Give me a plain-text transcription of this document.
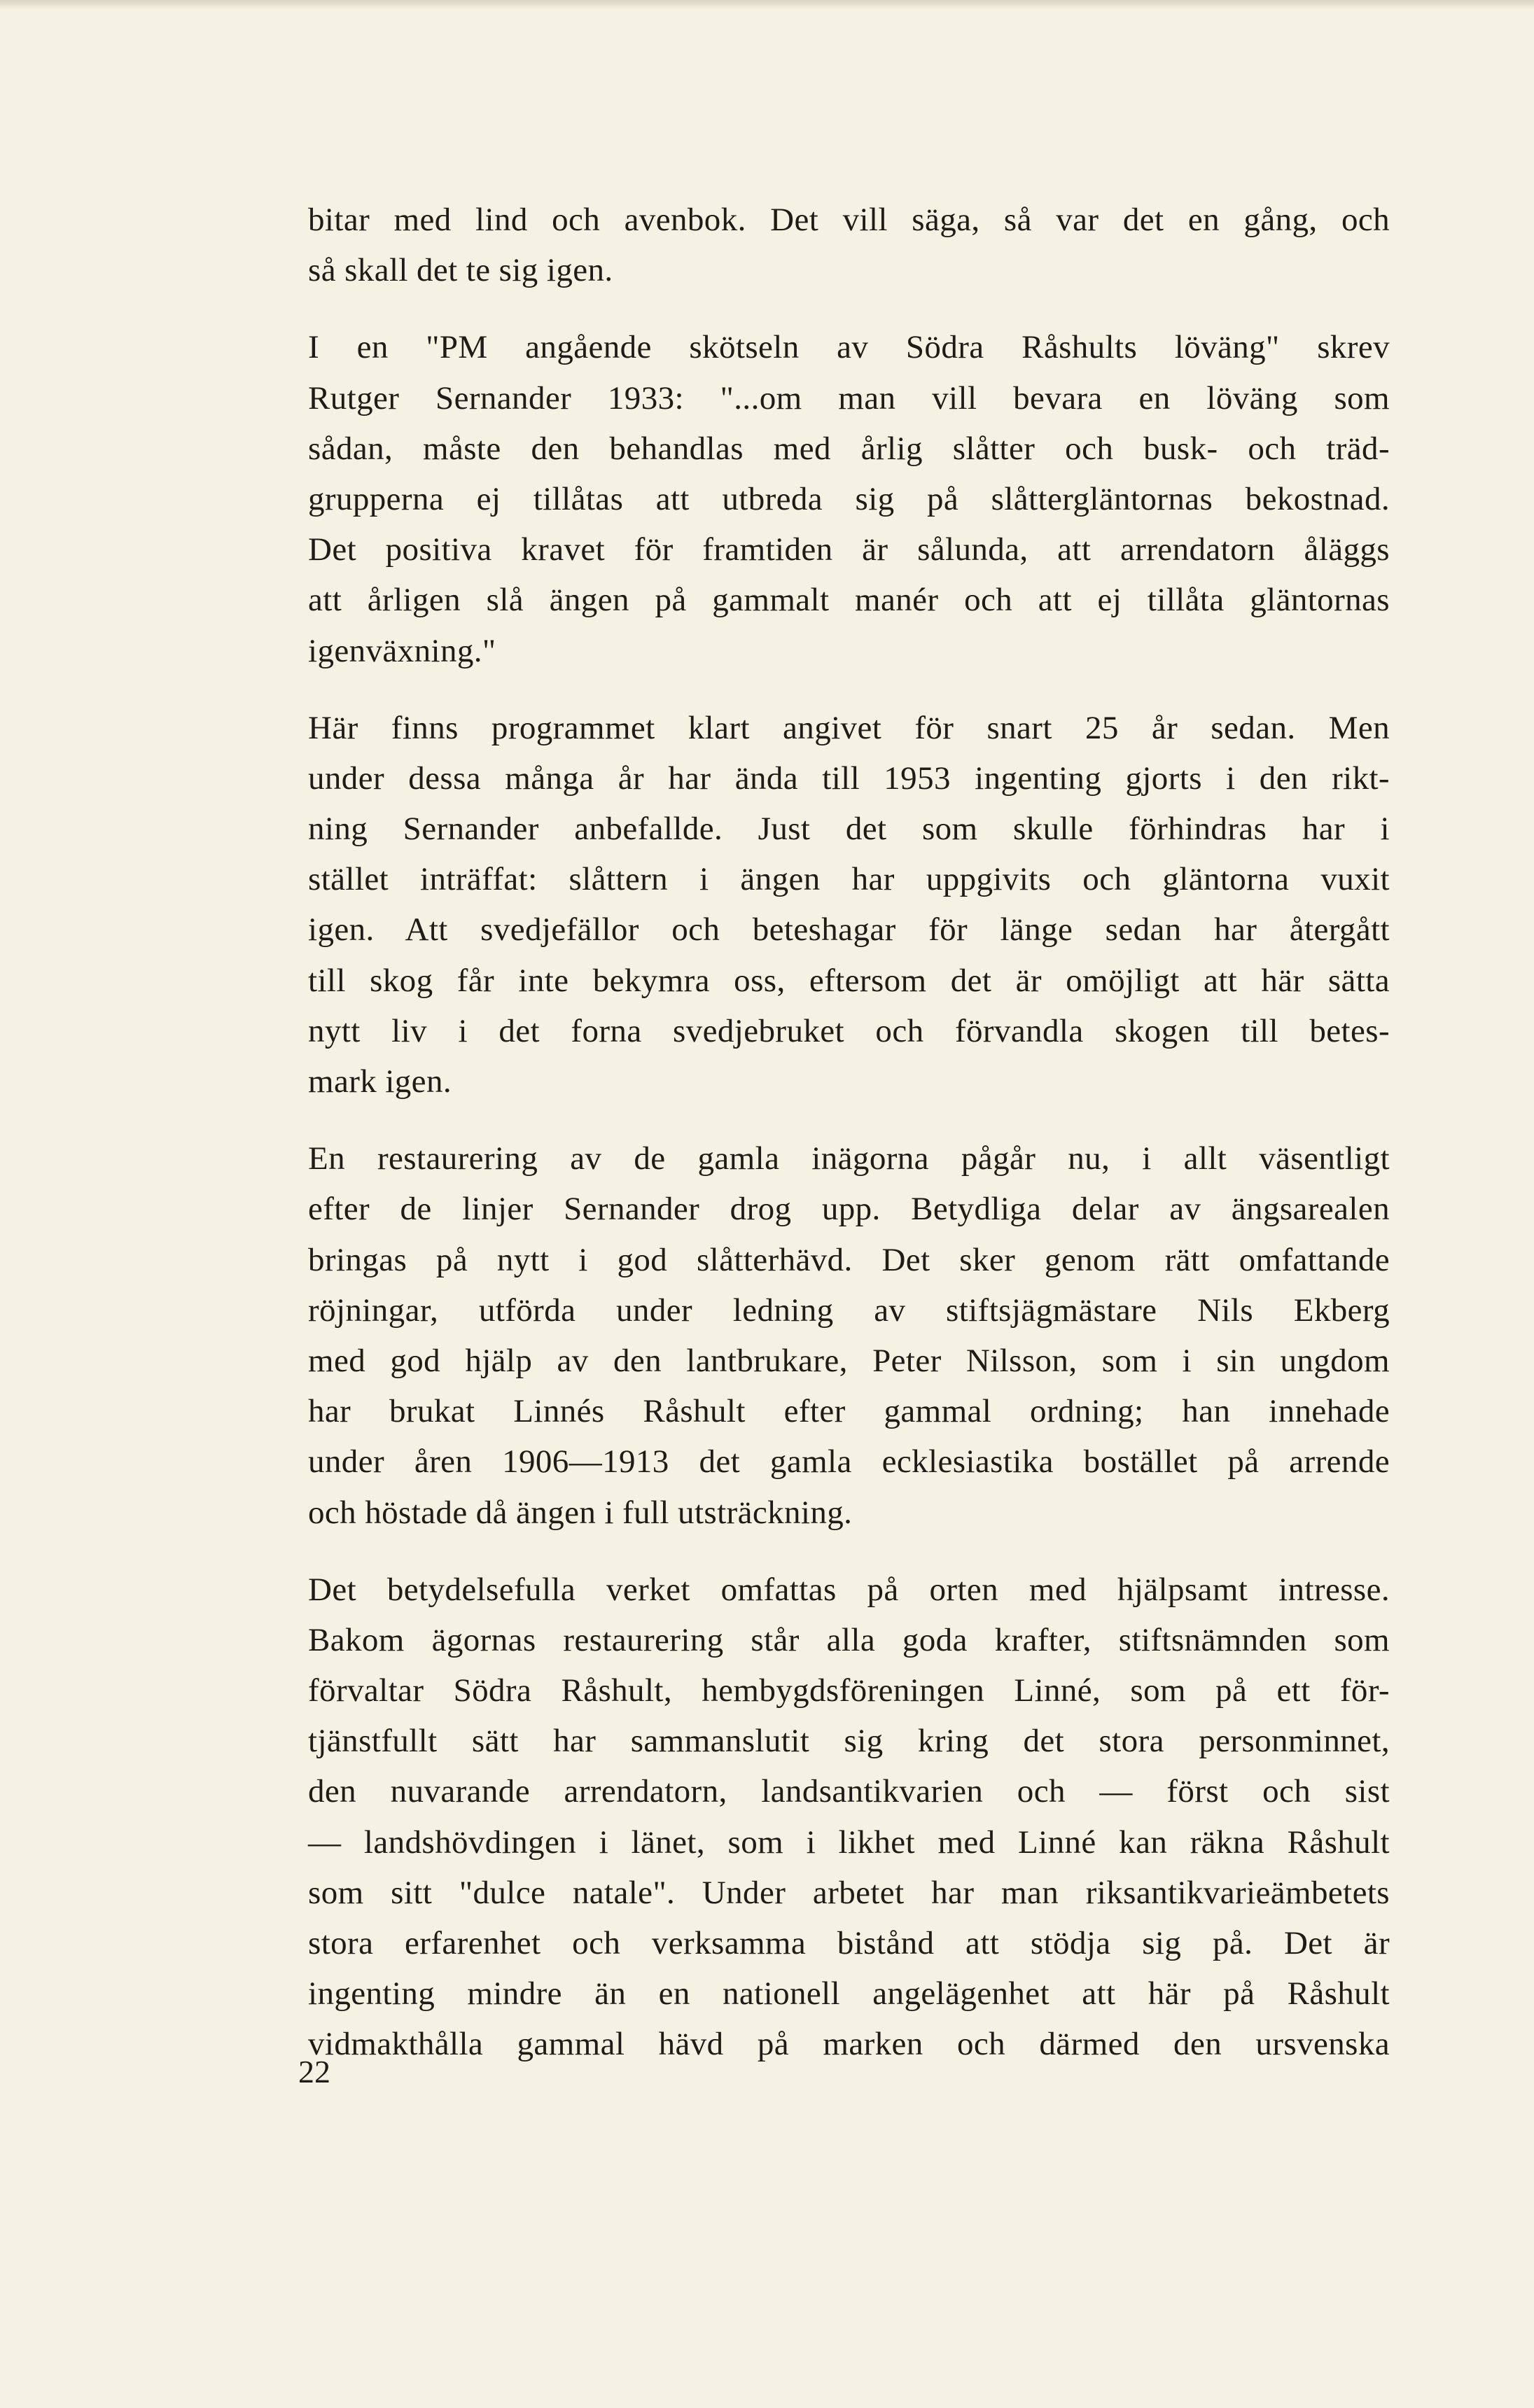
bitar med lind och avenbok. Det vill säga, så var det en gång, och
så skall det te sig igen.
I en "PM angående skötseln av Södra Råshults löväng" skrev
Rutger Sernander 1933: "...om man vill bevara en löväng som
sådan, måste den behandlas med årlig slåtter och busk- och träd-
grupperna ej tillåtas att utbreda sig på slåttergläntornas bekostnad.
Det positiva kravet för framtiden är sålunda, att arrendatorn åläggs
att årligen slå ängen på gammalt manér och att ej tillåta gläntornas
igenväxning."
Här finns programmet klart angivet för snart 25 år sedan. Men
under dessa många år har ända till 1953 ingenting gjorts i den rikt-
ning Sernander anbefallde. Just det som skulle förhindras har i
stället inträffat: slåttern i ängen har uppgivits och gläntorna vuxit
igen. Att svedjefällor och beteshagar för länge sedan har återgått
till skog får inte bekymra oss, eftersom det är omöjligt att här sätta
nytt liv i det forna svedjebruket och förvandla skogen till betes-
mark igen.
En restaurering av de gamla inägorna pågår nu, i allt väsentligt
efter de linjer Sernander drog upp. Betydliga delar av ängsarealen
bringas på nytt i god slåtterhävd. Det sker genom rätt omfattande
röjningar, utförda under ledning av stiftsjägmästare Nils Ekberg
med god hjälp av den lantbrukare, Peter Nilsson, som i sin ungdom
har brukat Linnés Råshult efter gammal ordning; han innehade
under åren 1906—1913 det gamla ecklesiastika bostället på arrende
och höstade då ängen i full utsträckning.
Det betydelsefulla verket omfattas på orten med hjälpsamt intresse.
Bakom ägornas restaurering står alla goda krafter, stiftsnämnden som
förvaltar Södra Råshult, hembygdsföreningen Linné, som på ett för-
tjänstfullt sätt har sammanslutit sig kring det stora personminnet,
den nuvarande arrendatorn, landsantikvarien och — först och sist
— landshövdingen i länet, som i likhet med Linné kan räkna Råshult
som sitt "dulce natale". Under arbetet har man riksantikvarieämbetets
stora erfarenhet och verksamma bistånd att stödja sig på. Det är
ingenting mindre än en nationell angelägenhet att här på Råshult
vidmakthålla gammal hävd på marken och därmed den ursvenska
22
